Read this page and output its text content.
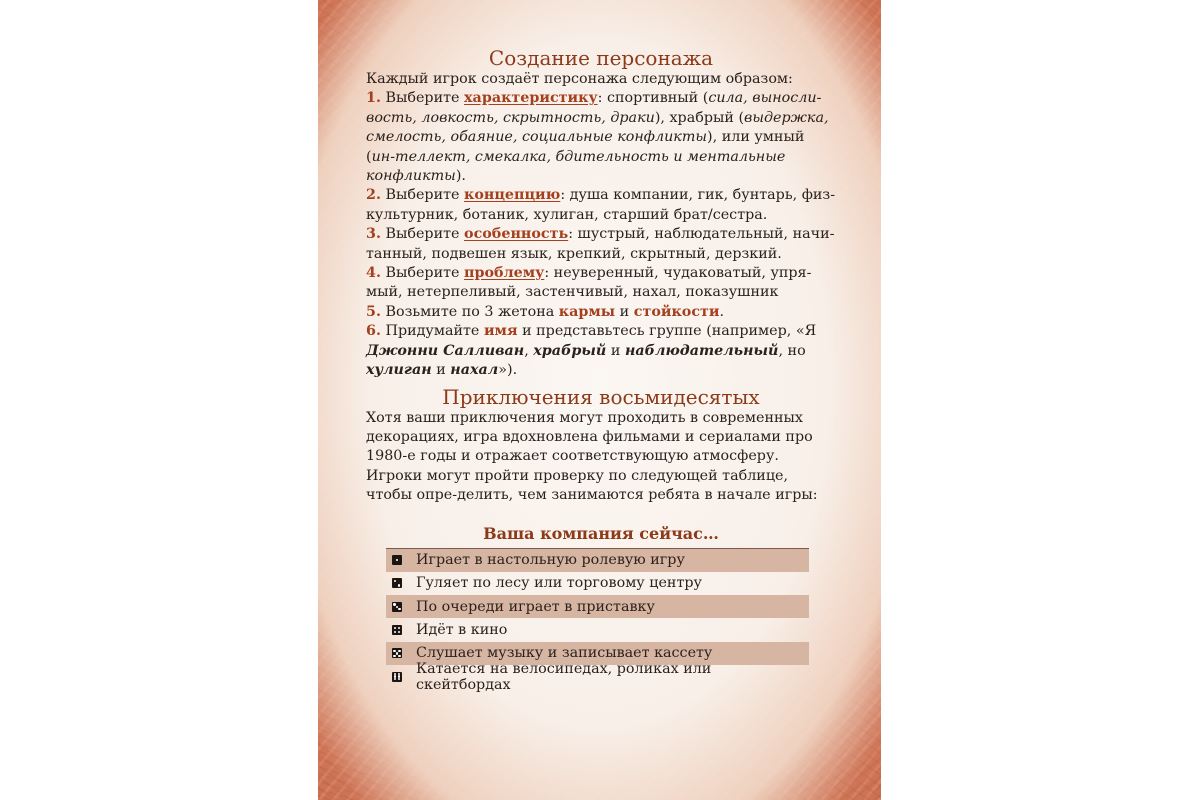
Создание персонажа

Каждый игрок создаёт персонажа следующим образом:

1. Выберите характеристику: спортивный (сила, выносли-вость, ловкость, скрытность, драки), храбрый (выдержка, смелость, обаяние, социальные конфликты), или умный (ин-теллект, смекалка, бдительность и ментальные конфликты).

2. Выберите концепцию: душа компании, гик, бунтарь, физ-культурник, ботаник, хулиган, старший брат/сестра.

3. Выберите особенность: шустрый, наблюдательный, начи-танный, подвешен язык, крепкий, скрытный, дерзкий.

4. Выберите проблему: неуверенный, чудаковатый, упря-мый, нетерпеливый, застенчивый, нахал, показушник

5. Возьмите по 3 жетона кармы и стойкости.

6. Придумайте имя и представьтесь группе (например, «Я Джонни Салливан, храбрый и наблюдательный, но хулиган и нахал»).

Приключения восьмидесятых

Хотя ваши приключения могут проходить в современных декорациях, игра вдохновлена фильмами и сериалами про 1980-е годы и отражает соответствующую атмосферу. Игроки могут пройти проверку по следующей таблице, чтобы опре-делить, чем занимаются ребята в начале игры:

Ваша компания сейчас…
Играет в настольную ролевую игру
Гуляет по лесу или торговому центру
По очереди играет в приставку
Идёт в кино
Слушает музыку и записывает кассету
Катается на велосипедах, роликах или скейтбордах
